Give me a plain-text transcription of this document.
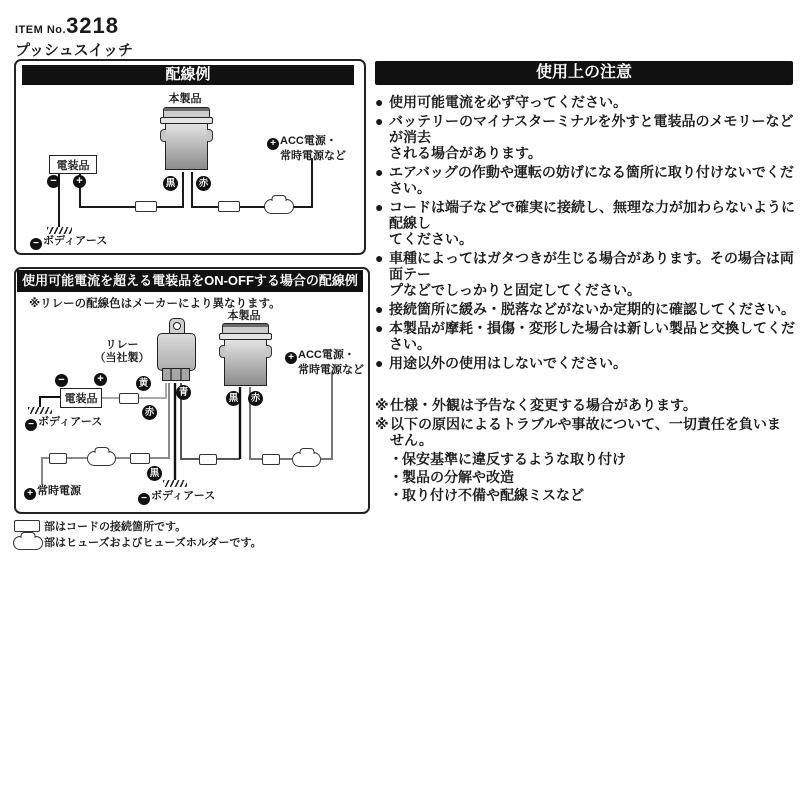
ITEM No.3218
プッシュスイッチ
配線例
本製品
電装品
− +	黒 赤
− ボディアース
+ ACC電源・
常時電源など
使用可能電流を超える電装品をON-OFFする場合の配線例
※リレーの配線色はメーカーにより異なります。
リレー
（当社製）
本製品
電装品
−	+	黄
青
赤
黒
黒 赤
− ボディアース
− ボディアース
+ 常時電源
+ ACC電源・
常時電源など
部はコードの接続箇所です。
部はヒューズおよびヒューズホルダーです。
使用上の注意
● 使用可能電流を必ず守ってください。
● バッテリーのマイナスターミナルを外すと電装品のメモリーなどが消去
される場合があります。
● エアバッグの作動や運転の妨げになる箇所に取り付けないでください。
● コードは端子などで確実に接続し、無理な力が加わらないように配線し
てください。
● 車種によってはガタつきが生じる場合があります。その場合は両面テー
プなどでしっかりと固定してください。
● 接続箇所に緩み・脱落などがないか定期的に確認してください。
● 本製品が摩耗・損傷・変形した場合は新しい製品と交換してください。
● 用途以外の使用はしないでください。
※ 仕様・外観は予告なく変更する場合があります。
※ 以下の原因によるトラブルや事故について、一切責任を負いま
せん。
・ 保安基準に違反するような取り付け
・ 製品の分解や改造
・ 取り付け不備や配線ミスなど
